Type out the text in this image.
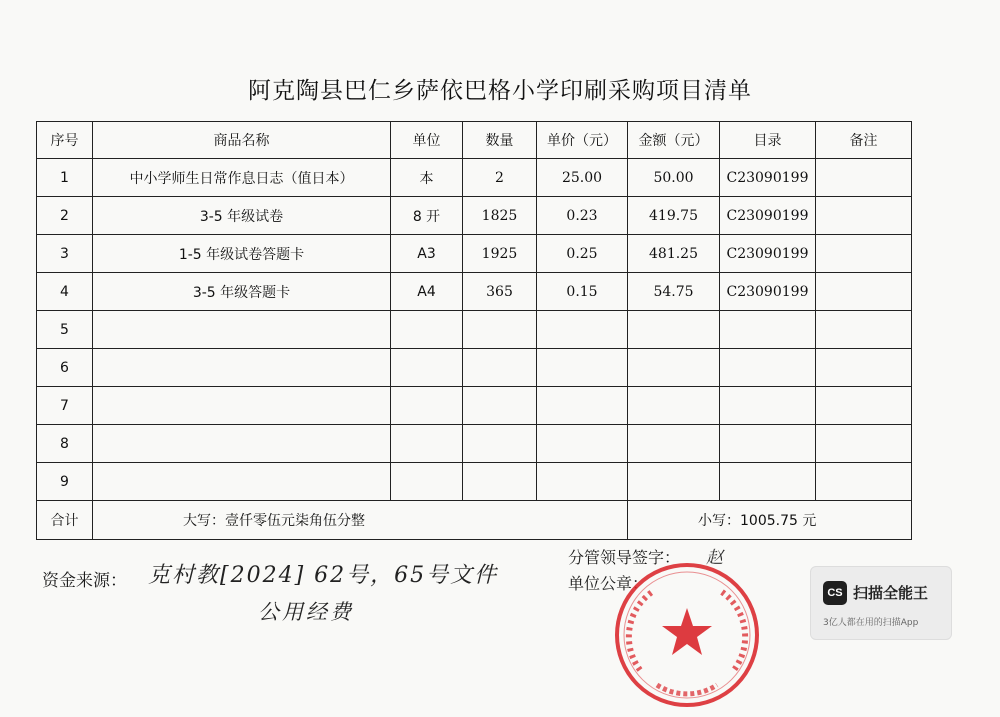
阿克陶县巴仁乡萨依巴格小学印刷采购项目清单
序号	商品名称	单位	数量	单价（元）	金额（元）	目录	备注
1	中小学师生日常作息日志（值日本）	本	2	25.00	50.00	C23090199	
2	3-5 年级试卷	8 开	1825	0.23	419.75	C23090199	
3	1-5 年级试卷答题卡	A3	1925	0.25	481.25	C23090199	
4	3-5 年级答题卡	A4	365	0.15	54.75	C23090199	
5							
6							
7							
8							
9							
合计	大写：壹仟零伍元柒角伍分整				小写：1005.75 元		
资金来源： 克村教[2024] 62号，65号文件
公用经费
分管领导签字： 赵
单位公章：	CS 扫描全能王
3亿人都在用的扫描App
